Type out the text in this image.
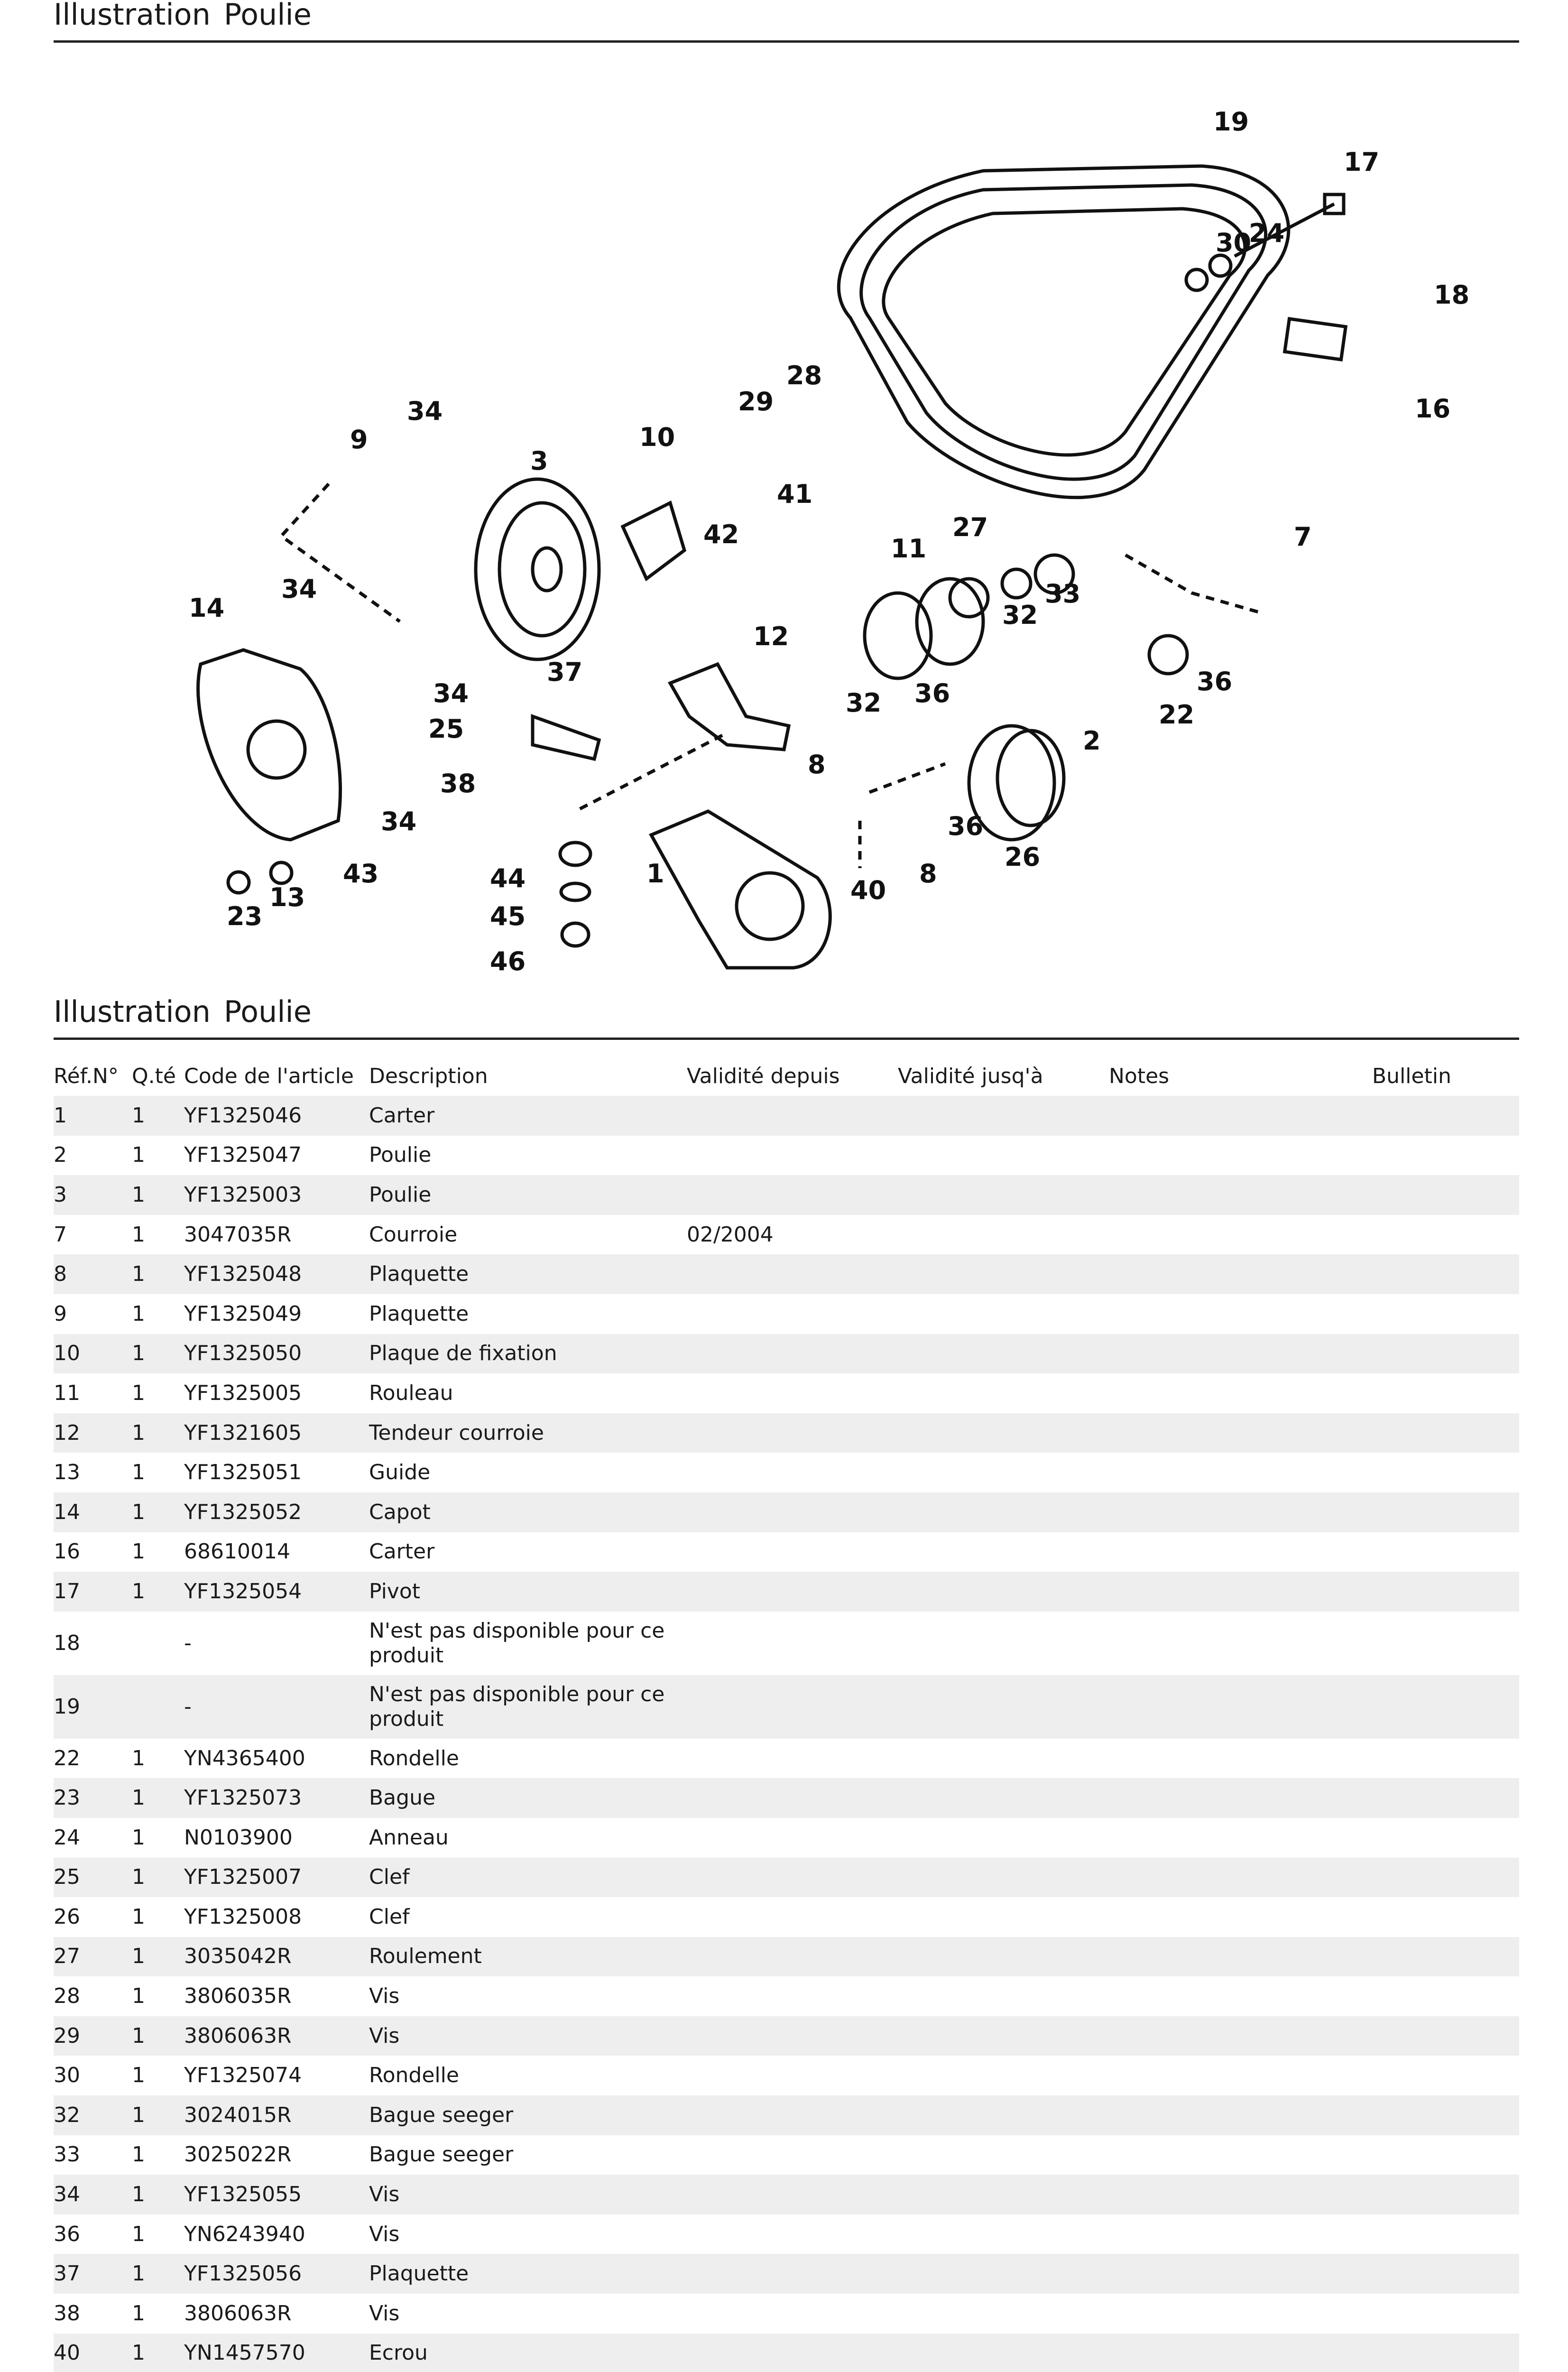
Illustration Poulie
19
17
30
24
18
16
7
28
29
41
42
10
3
9
34
34
14
27
11
32
33
12
32 36
2
22
36
37
34
25
38
34
43
13
23
8
36
26
8
40
1
44
45
46
Illustration Poulie
Réf.N°	Q.té	Code de l'article	Description	Validité depuis	Validité jusq'à	Notes	Bulletin
1	1	YF1325046	Carter				
2	1	YF1325047	Poulie				
3	1	YF1325003	Poulie				
7	1	3047035R	Courroie	02/2004			
8	1	YF1325048	Plaquette				
9	1	YF1325049	Plaquette				
10	1	YF1325050	Plaque de fixation				
11	1	YF1325005	Rouleau				
12	1	YF1321605	Tendeur courroie				
13	1	YF1325051	Guide				
14	1	YF1325052	Capot				
16	1	68610014	Carter				
17	1	YF1325054	Pivot				
18		-	N'est pas disponible pour ce produit				
19		-	N'est pas disponible pour ce produit				
22	1	YN4365400	Rondelle				
23	1	YF1325073	Bague				
24	1	N0103900	Anneau				
25	1	YF1325007	Clef				
26	1	YF1325008	Clef				
27	1	3035042R	Roulement				
28	1	3806035R	Vis				
29	1	3806063R	Vis				
30	1	YF1325074	Rondelle				
32	1	3024015R	Bague seeger				
33	1	3025022R	Bague seeger				
34	1	YF1325055	Vis				
36	1	YN6243940	Vis				
37	1	YF1325056	Plaquette				
38	1	3806063R	Vis				
40	1	YN1457570	Ecrou				
